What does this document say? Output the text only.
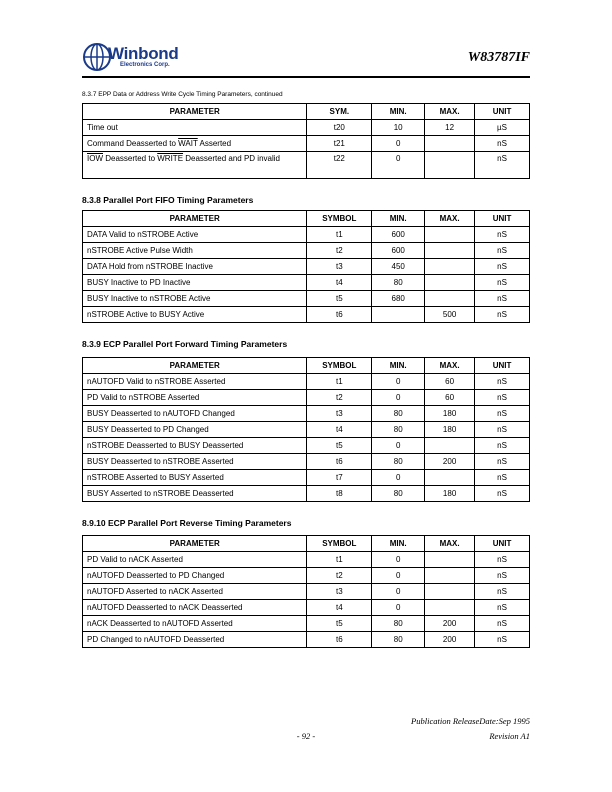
Winbond
Electronics Corp.	W83787IF
8.3.7 EPP Data or Address Write Cycle Timing Parameters, continued
PARAMETER	SYM.	MIN.	MAX.	UNIT
Time out	t20	10	12	µS
Command Deasserted to WAIT Asserted	t21	0		nS
$\overline{IOW}$ Deasserted to WRITE Deasserted and PD invalid	t22	0		nS
8.3.8 Parallel Port FIFO Timing Parameters
PARAMETER	SYMBOL	MIN.	MAX.	UNIT
DATA Valid to nSTROBE Active	t1	600		nS
nSTROBE Active Pulse Width	t2	600		nS
DATA Hold from nSTROBE Inactive	t3	450		nS
BUSY Inactive to PD Inactive	t4	80		nS
BUSY Inactive to nSTROBE Active	t5	680		nS
nSTROBE Active to BUSY Active	t6		500	nS
8.3.9 ECP Parallel Port Forward Timing Parameters
PARAMETER	SYMBOL	MIN.	MAX.	UNIT
nAUTOFD Valid to nSTROBE Asserted	t1	0	60	nS
PD Valid to nSTROBE Asserted	t2	0	60	nS
BUSY Deasserted to nAUTOFD Changed	t3	80	180	nS
BUSY Deasserted to PD Changed	t4	80	180	nS
nSTROBE Deasserted to BUSY Deasserted	t5	0		nS
BUSY Deasserted to nSTROBE Asserted	t6	80	200	nS
nSTROBE Asserted to BUSY Asserted	t7	0		nS
BUSY Asserted to nSTROBE Deasserted	t8	80	180	nS
8.9.10 ECP Parallel Port Reverse Timing Parameters
PARAMETER	SYMBOL	MIN.	MAX.	UNIT
PD Valid to nACK Asserted	t1	0		nS
nAUTOFD Deasserted to PD Changed	t2	0		nS
nAUTOFD Asserted to nACK Asserted	t3	0		nS
nAUTOFD Deasserted to nACK Deasserted	t4	0		nS
nACK Deasserted to nAUTOFD Asserted	t5	80	200	nS
PD Changed to nAUTOFD Deasserted	t6	80	200	nS
Publication ReleaseDate:Sep 1995
- 92 -	Revision A1
